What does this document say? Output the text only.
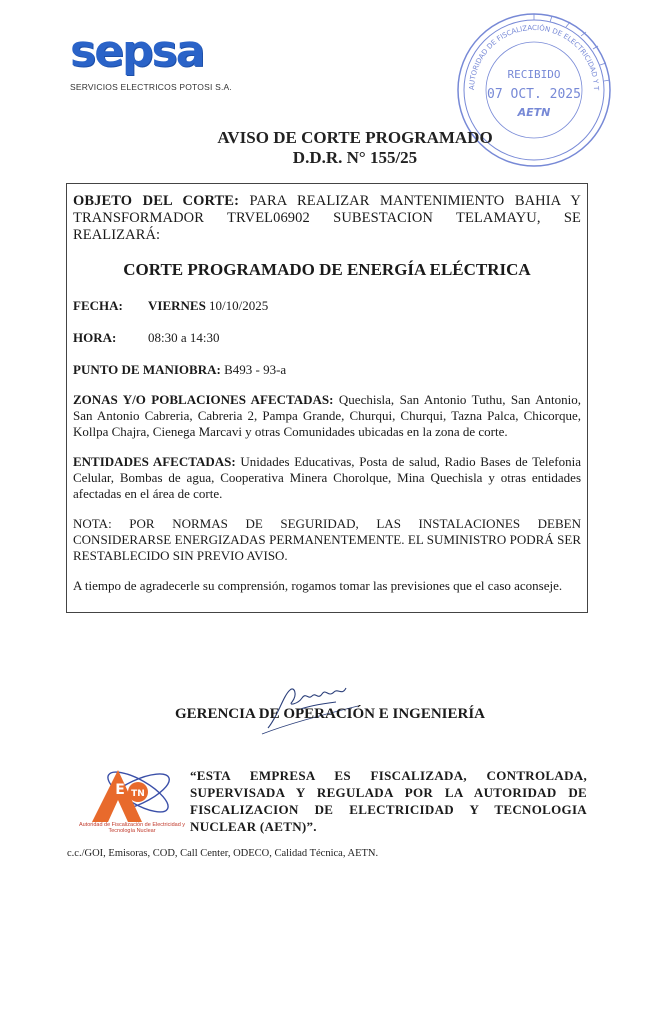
sepsa
SERVICIOS ELECTRICOS POTOSI S.A.	AUTORIDAD DE FISCALIZACIÓN DE ELECTRICIDAD Y T
RECIBIDO
07 OCT. 2025
AETN
AVISO DE CORTE PROGRAMADO
D.D.R. N° 155/25

OBJETO DEL CORTE: PARA REALIZAR MANTENIMIENTO BAHIA Y TRANSFORMADOR TRVEL06902 SUBESTACION TELAMAYU, SE REALIZARÁ:

CORTE PROGRAMADO DE ENERGÍA ELÉCTRICA

FECHA:	VIERNES 10/10/2025

HORA:	08:30 a 14:30

PUNTO DE MANIOBRA: B493 - 93-a

ZONAS Y/O POBLACIONES AFECTADAS: Quechisla, San Antonio Tuthu, San Antonio, San Antonio Cabreria, Cabreria 2, Pampa Grande, Churqui, Churqui, Tazna Palca, Chicorque, Kollpa Chajra, Cienega Marcavi y otras Comunidades ubicadas en la zona de corte.

ENTIDADES AFECTADAS: Unidades Educativas, Posta de salud, Radio Bases de Telefonia Celular, Bombas de agua, Cooperativa Minera Chorolque, Mina Quechisla y otras entidades afectadas en el área de corte.

NOTA: POR NORMAS DE SEGURIDAD, LAS INSTALACIONES DEBEN CONSIDERARSE ENERGIZADAS PERMANENTEMENTE. EL SUMINISTRO PODRÁ SER RESTABLECIDO SIN PREVIO AVISO.

A tiempo de agradecerle su comprensión, rogamos tomar las previsiones que el caso aconseje.

GERENCIA DE OPERACIÓN E INGENIERÍA
TN
E
Autoridad de Fiscalización de Electricidad y Tecnología Nuclear
“ESTA EMPRESA ES FISCALIZADA, CONTROLADA, SUPERVISADA Y REGULADA POR LA AUTORIDAD DE FISCALIZACION DE ELECTRICIDAD Y TECNOLOGIA NUCLEAR (AETN)”.
c.c./GOI, Emisoras, COD, Call Center, ODECO, Calidad Técnica, AETN.
